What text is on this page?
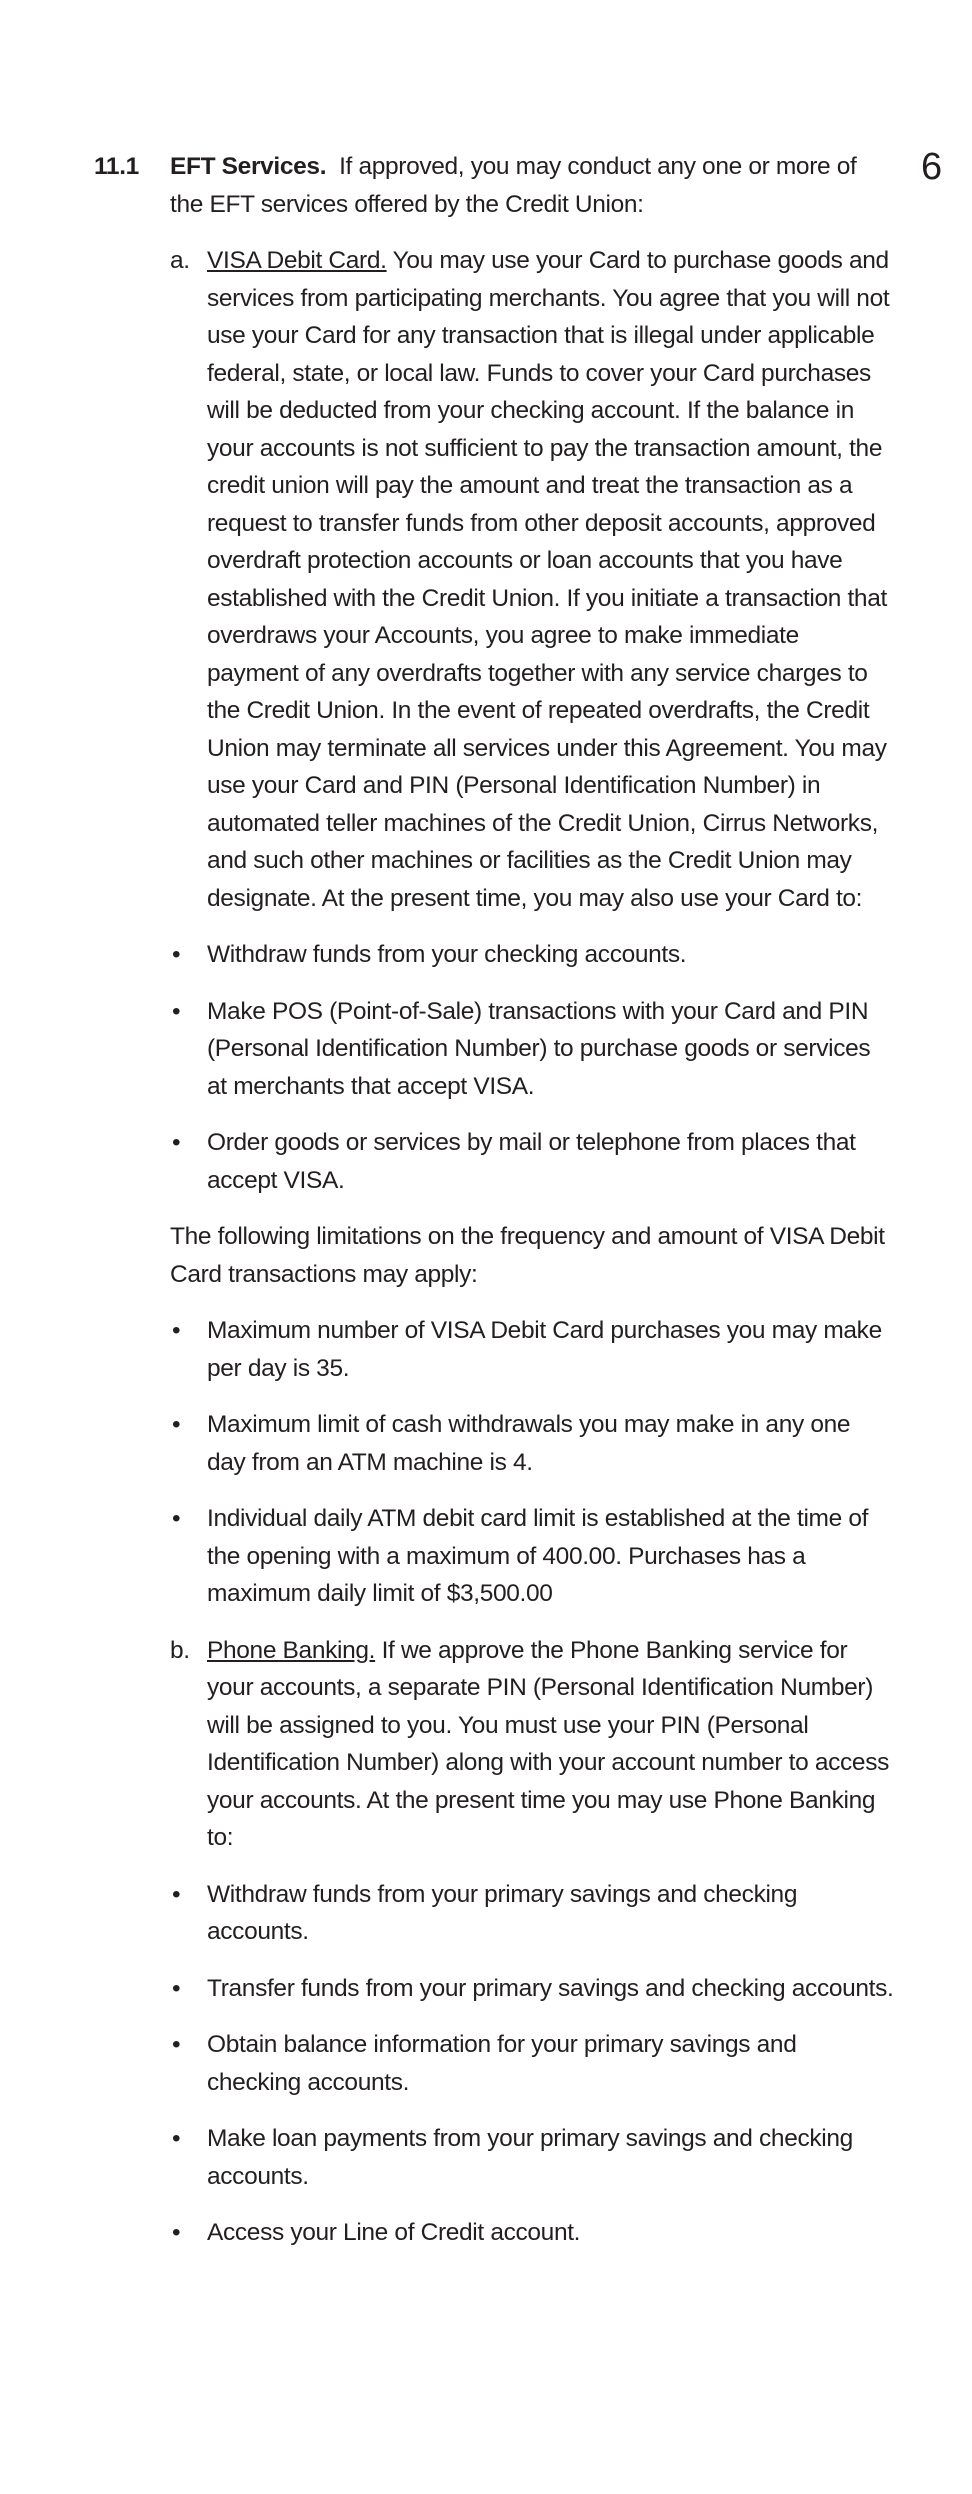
6
11.1	EFT Services. If approved, you may conduct any one or more of the EFT services offered by the Credit Union:
a. VISA Debit Card. You may use your Card to purchase goods and services from participating merchants. You agree that you will not use your Card for any transaction that is illegal under applicable federal, state, or local law. Funds to cover your Card purchases will be deducted from your checking account. If the balance in your accounts is not sufficient to pay the transaction amount, the credit union will pay the amount and treat the transaction as a request to transfer funds from other deposit accounts, approved overdraft protection accounts or loan accounts that you have established with the Credit Union. If you initiate a transaction that overdraws your Accounts, you agree to make immediate payment of any overdrafts together with any service charges to the Credit Union. In the event of repeated overdrafts, the Credit Union may terminate all services under this Agreement. You may use your Card and PIN (Personal Identification Number) in automated teller machines of the Credit Union, Cirrus Networks, and such other machines or facilities as the Credit Union may designate. At the present time, you may also use your Card to:
•	Withdraw funds from your checking accounts.
•	Make POS (Point-of-Sale) transactions with your Card and PIN (Personal Identification Number) to purchase goods or services at merchants that accept VISA.
•	Order goods or services by mail or telephone from places that accept VISA.
The following limitations on the frequency and amount of VISA Debit Card transactions may apply:
•	Maximum number of VISA Debit Card purchases you may make per day is 35.
•	Maximum limit of cash withdrawals you may make in any one day from an ATM machine is 4.
•	Individual daily ATM debit card limit is established at the time of the opening with a maximum of 400.00. Purchases has a maximum daily limit of $3,500.00
b. Phone Banking. If we approve the Phone Banking service for your accounts, a separate PIN (Personal Identification Number) will be assigned to you. You must use your PIN (Personal Identification Number) along with your account number to access your accounts. At the present time you may use Phone Banking to:
•	Withdraw funds from your primary savings and checking accounts.
•	Transfer funds from your primary savings and checking accounts.
•	Obtain balance information for your primary savings and checking accounts.
•	Make loan payments from your primary savings and checking accounts.
•	Access your Line of Credit account.
